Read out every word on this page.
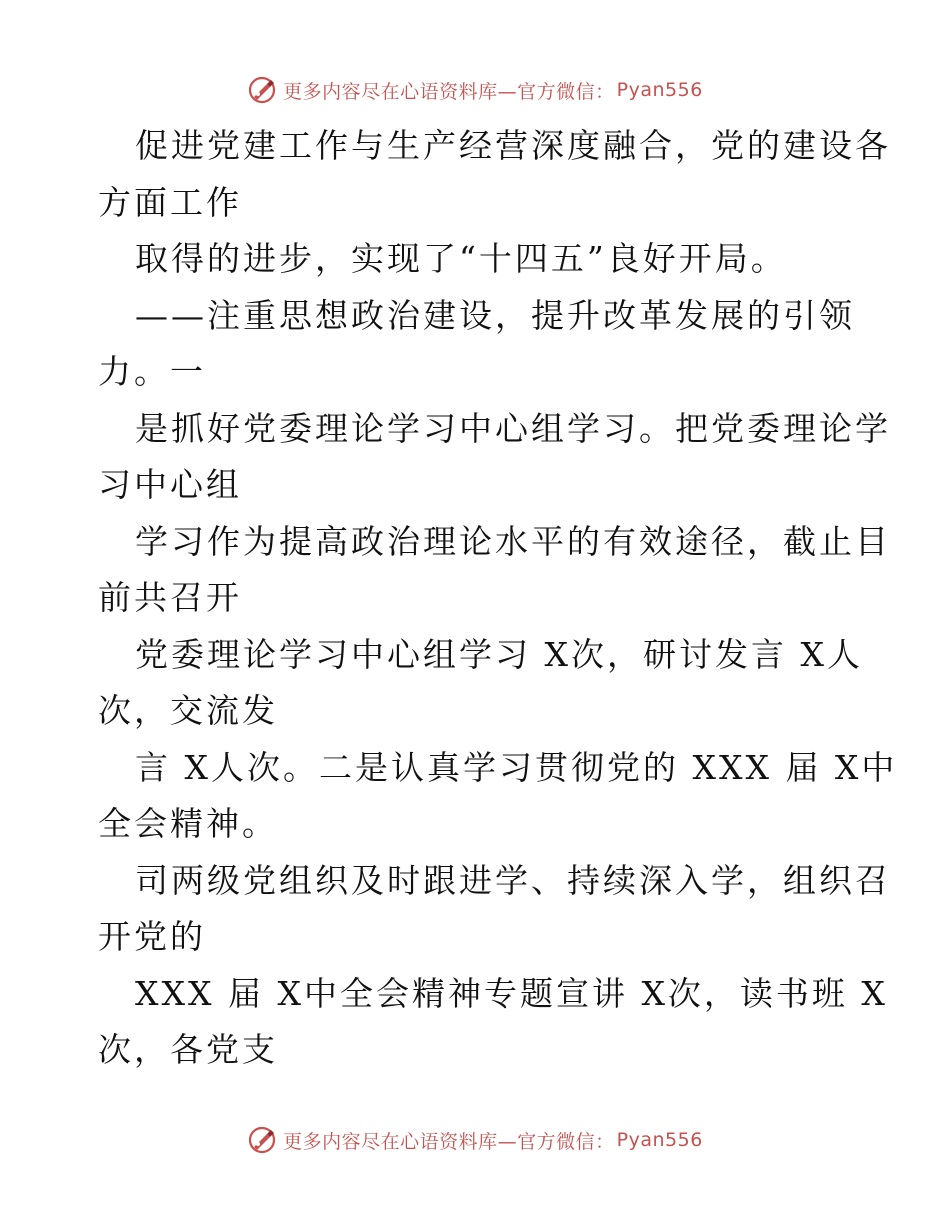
更多内容尽在心语资料库—官方微信： Pyan556
促进党建工作与生产经营深度融合，党的建设各
方面工作
取得的进步，实现了“十四五”良好开局。
——注重思想政治建设，提升改革发展的引领
力。一
是抓好党委理论学习中心组学习。把党委理论学
习中心组
学习作为提高政治理论水平的有效途径，截止目
前共召开
党委理论学习中心组学习 X次，研讨发言 X人
次，交流发
言 X人次。二是认真学习贯彻党的 XXX 届 X中
全会精神。
司两级党组织及时跟进学、持续深入学，组织召
开党的
XXX 届 X中全会精神专题宣讲 X次，读书班 X
次，各党支
更多内容尽在心语资料库—官方微信： Pyan556
